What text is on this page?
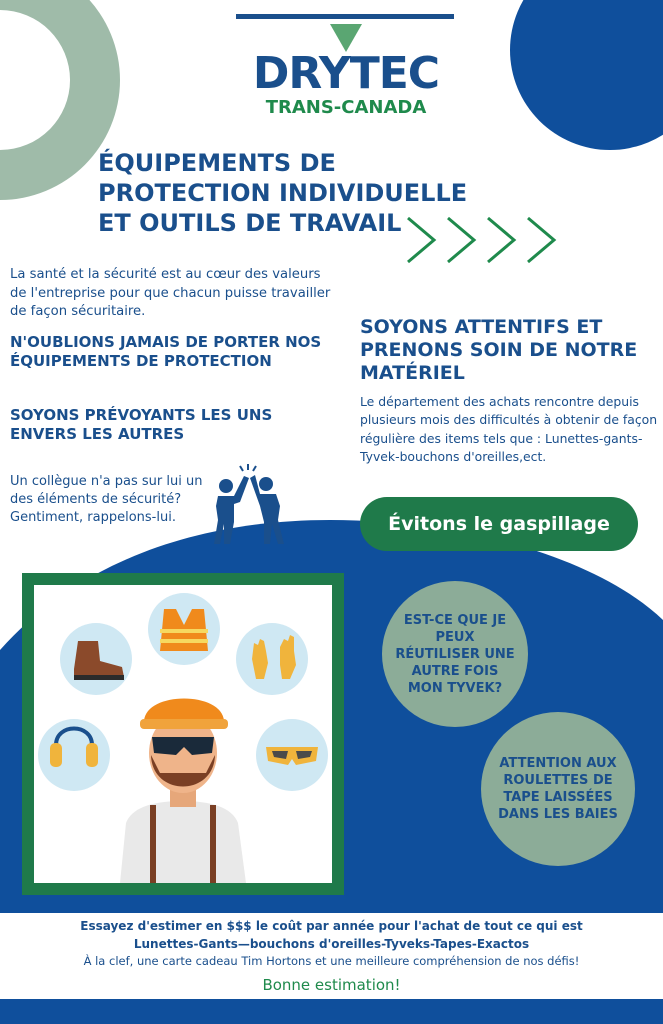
DRYTEC
TRANS-CANADA
ÉQUIPEMENTS DE PROTECTION INDIVIDUELLE ET OUTILS DE TRAVAIL

La santé et la sécurité est au cœur des valeurs de l'entreprise pour que chacun puisse travailler de façon sécuritaire.

N'OUBLIONS JAMAIS DE PORTER NOS ÉQUIPEMENTS DE PROTECTION
SOYONS PRÉVOYANTS LES UNS ENVERS LES AUTRES

Un collègue n'a pas sur lui un des éléments de sécurité? Gentiment, rappelons-lui.

SOYONS ATTENTIFS ET PRENONS SOIN DE NOTRE MATÉRIEL

Le département des achats rencontre depuis plusieurs mois des difficultés à obtenir de façon régulière des items tels que : Lunettes-gants-Tyvek-bouchons d'oreilles,ect.

Évitons le gaspillage
EST-CE QUE JE PEUX RÉUTILISER UNE AUTRE FOIS MON TYVEK?
ATTENTION AUX ROULETTES DE TAPE LAISSÉES DANS LES BAIES

Essayez d'estimer en $$$ le coût par année pour l'achat de tout ce qui est

Lunettes-Gants—bouchons d'oreilles-Tyveks-Tapes-Exactos

À la clef, une carte cadeau Tim Hortons et une meilleure compréhension de nos défis!

Bonne estimation!
